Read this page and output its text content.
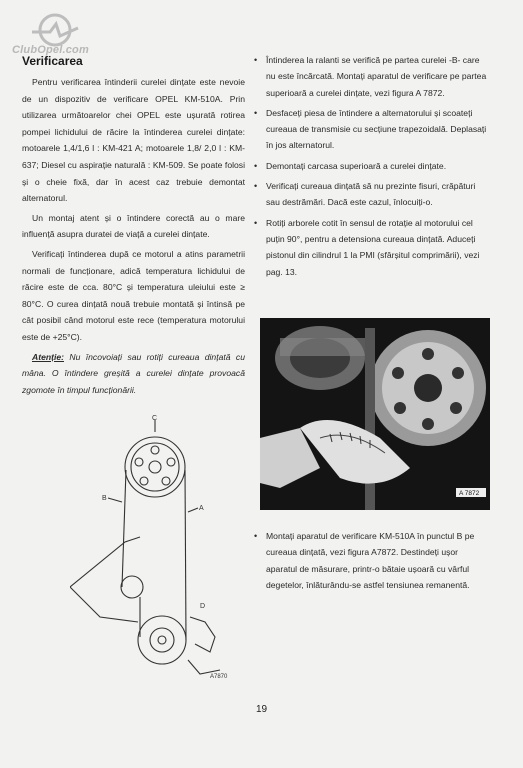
ClubOpel.com
Verificarea

Pentru verificarea întinderii curelei dințate este nevoie de un dispozitiv de verificare OPEL KM-510A. Prin utilizarea următoarelor chei OPEL este ușurată rotirea pompei lichidului de răcire la întinderea curelei dințate: motoarele 1,4/1,6 l : KM-421 A; motoarele 1,8/ 2,0 l : KM-637; Diesel cu aspirație naturală : KM-509. Se poate folosi și o cheie fixă, dar în acest caz trebuie demontat alternatorul.

Un montaj atent și o întindere corectă au o mare influență asupra duratei de viață a curelei dințate.

Verificați întinderea după ce motorul a atins parametrii normali de funcționare, adică temperatura lichidului de răcire este de cca. 80°C și temperatura uleiului este ≥ 80°C. O curea dințată nouă trebuie montată și întinsă pe cât posibil când motorul este rece (temperatura motorului este de +25°C).

Atenție: Nu încovoiați sau rotiți cureaua dințată cu mâna. O întindere greșită a curelei dințate provoacă zgomote în timpul funcționării.

C
B
A
D
A7870
• Întinderea la ralanti se verifică pe partea curelei -B- care nu este încărcată. Montați aparatul de verificare pe partea superioară a curelei dințate, vezi figura A 7872.
• Desfaceți piesa de întindere a alternatorului și scoateți cureaua de transmisie cu secțiune trapezoidală. Deplasați în jos alternatorul.
• Demontați carcasa superioară a curelei dințate.
• Verificați cureaua dințată să nu prezinte fisuri, crăpături sau destrămări. Dacă este cazul, înlocuiți-o.
• Rotiți arborele cotit în sensul de rotație al motorului cel puțin 90°, pentru a detensiona cureaua dințată. Aduceți pistonul din cilindrul 1 la PMI (sfârșitul comprimării), vezi pag. 13.
A 7872
• Montați aparatul de verificare KM-510A în punctul B pe cureaua dințată, vezi figura A7872. Destindeți ușor aparatul de măsurare, printr-o bătaie ușoară cu vârful degetelor, înlăturându-se astfel tensiunea remanentă.
19
